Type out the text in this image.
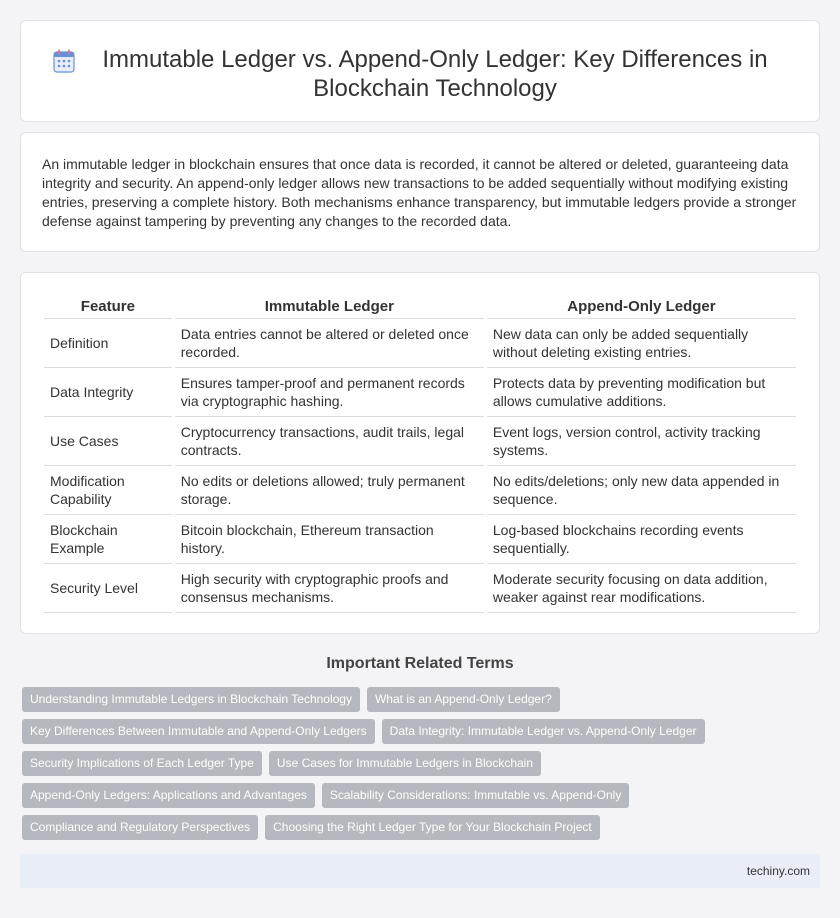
Immutable Ledger vs. Append-Only Ledger: Key Differences in Blockchain Technology

An immutable ledger in blockchain ensures that once data is recorded, it cannot be altered or deleted, guaranteeing data integrity and security. An append-only ledger allows new transactions to be added sequentially without modifying existing entries, preserving a complete history. Both mechanisms enhance transparency, but immutable ledgers provide a stronger defense against tampering by preventing any changes to the recorded data.

Feature	Immutable Ledger	Append-Only Ledger
Definition	Data entries cannot be altered or deleted once recorded.	New data can only be added sequentially without deleting existing entries.
Data Integrity	Ensures tamper-proof and permanent records via cryptographic hashing.	Protects data by preventing modification but allows cumulative additions.
Use Cases	Cryptocurrency transactions, audit trails, legal contracts.	Event logs, version control, activity tracking systems.
Modification Capability	No edits or deletions allowed; truly permanent storage.	No edits/deletions; only new data appended in sequence.
Blockchain Example	Bitcoin blockchain, Ethereum transaction history.	Log-based blockchains recording events sequentially.
Security Level	High security with cryptographic proofs and consensus mechanisms.	Moderate security focusing on data addition, weaker against rear modifications.
Important Related Terms
Understanding Immutable Ledgers in Blockchain Technology	What is an Append-Only Ledger?
Key Differences Between Immutable and Append-Only Ledgers	Data Integrity: Immutable Ledger vs. Append-Only Ledger
Security Implications of Each Ledger Type	Use Cases for Immutable Ledgers in Blockchain
Append-Only Ledgers: Applications and Advantages	Scalability Considerations: Immutable vs. Append-Only
Compliance and Regulatory Perspectives	Choosing the Right Ledger Type for Your Blockchain Project
techiny.com
